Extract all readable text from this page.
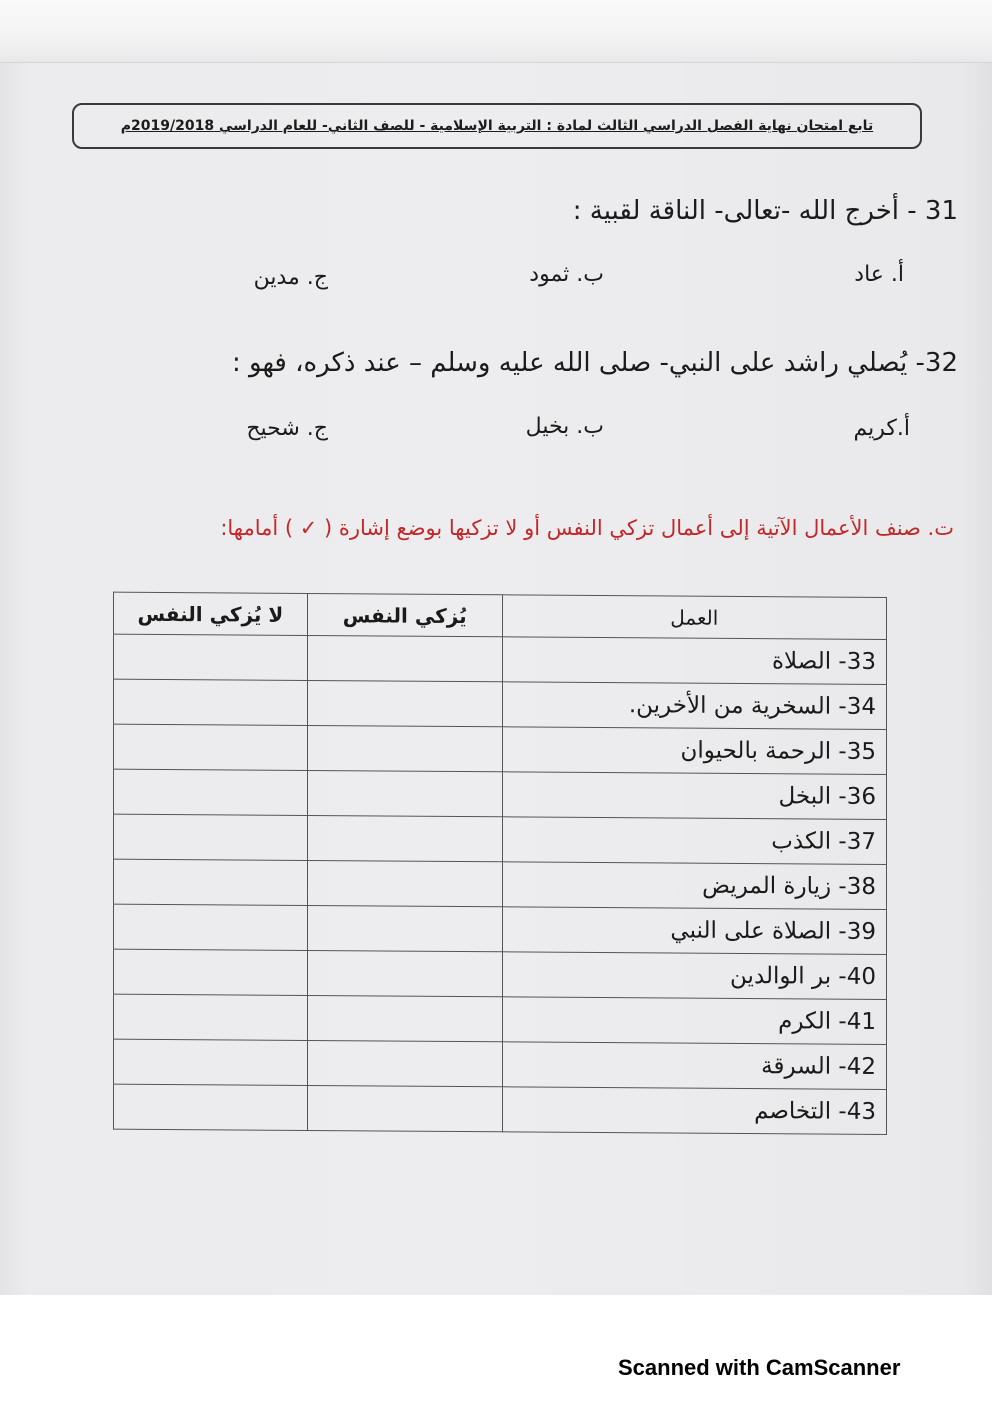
تابع امتحان نهاية الفصل الدراسي الثالث لمادة : التربية الإسلامية - للصف الثاني- للعام الدراسي 2019/2018م
31 - أخرج الله -تعالى- الناقة لقبية :
أ. عاد
ب. ثمود
ج. مدين
32- يُصلي راشد على النبي- صلى الله عليه وسلم – عند ذكره، فهو :
أ.كريم
ب. بخيل
ج. شحيح
ت. صنف الأعمال الآتية إلى أعمال تزكي النفس أو لا تزكيها بوضع إشارة ( ✓ ) أمامها:
العمل	يُزكي النفس	لا يُزكي النفس
33- الصلاة		
34- السخرية من الأخرين.		
35- الرحمة بالحيوان		
36- البخل		
37- الكذب		
38- زيارة المريض		
39- الصلاة على النبي		
40- بر الوالدين		
41- الكرم		
42- السرقة		
43- التخاصم		
Scanned with CamScanner
